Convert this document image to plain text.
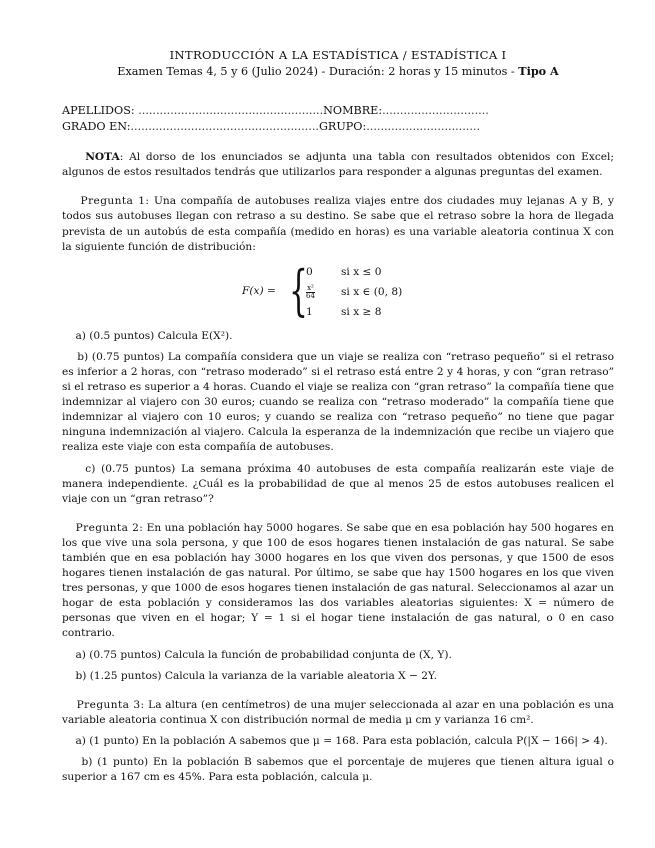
INTRODUCCIÓN A LA ESTADÍSTICA / ESTADÍSTICA I
Examen Temas 4, 5 y 6 (Julio 2024) - Duración: 2 horas y 15 minutos - Tipo A
APELLIDOS: ....................................................NOMBRE:..............................
GRADO EN:.....................................................GRUPO:................................

NOTA: Al dorso de los enunciados se adjunta una tabla con resultados obtenidos con Excel; algunos de estos resultados tendrás que utilizarlos para responder a algunas preguntas del examen.

Pregunta 1: Una compañía de autobuses realiza viajes entre dos ciudades muy lejanas A y B, y todos sus autobuses llegan con retraso a su destino. Se sabe que el retraso sobre la hora de llegada prevista de un autobús de esta compañía (medido en horas) es una variable aleatoria continua X con la siguiente función de distribución:

F(x) = {
0	si x ≤ 0
$\frac{\text{x²}}{64}$ si x ∈ (0, 8)
1	si x ≥ 8

a) (0.5 puntos) Calcula E(X²).

b) (0.75 puntos) La compañía considera que un viaje se realiza con “retraso pequeño” si el retraso es inferior a 2 horas, con “retraso moderado” si el retraso está entre 2 y 4 horas, y con “gran retraso” si el retraso es superior a 4 horas. Cuando el viaje se realiza con “gran retraso” la compañía tiene que indemnizar al viajero con 30 euros; cuando se realiza con “retraso moderado” la compañía tiene que indemnizar al viajero con 10 euros; y cuando se realiza con “retraso pequeño” no tiene que pagar ninguna indemnización al viajero. Calcula la esperanza de la indemnización que recibe un viajero que realiza este viaje con esta compañía de autobuses.

c) (0.75 puntos) La semana próxima 40 autobuses de esta compañía realizarán este viaje de manera independiente. ¿Cuál es la probabilidad de que al menos 25 de estos autobuses realicen el viaje con un “gran retraso”?

Pregunta 2: En una población hay 5000 hogares. Se sabe que en esa población hay 500 hogares en los que vive una sola persona, y que 100 de esos hogares tienen instalación de gas natural. Se sabe también que en esa población hay 3000 hogares en los que viven dos personas, y que 1500 de esos hogares tienen instalación de gas natural. Por último, se sabe que hay 1500 hogares en los que viven tres personas, y que 1000 de esos hogares tienen instalación de gas natural. Seleccionamos al azar un hogar de esta población y consideramos las dos variables aleatorias siguientes: X = número de personas que viven en el hogar; Y = 1 si el hogar tiene instalación de gas natural, o 0 en caso contrario.

a) (0.75 puntos) Calcula la función de probabilidad conjunta de (X, Y).

b) (1.25 puntos) Calcula la varianza de la variable aleatoria X − 2Y.

Pregunta 3: La altura (en centímetros) de una mujer seleccionada al azar en una población es una variable aleatoria continua X con distribución normal de media μ cm y varianza 16 cm².

a) (1 punto) En la población A sabemos que μ = 168. Para esta población, calcula P(|X − 166| > 4).

b) (1 punto) En la población B sabemos que el porcentaje de mujeres que tienen altura igual o superior a 167 cm es 45%. Para esta población, calcula μ.
